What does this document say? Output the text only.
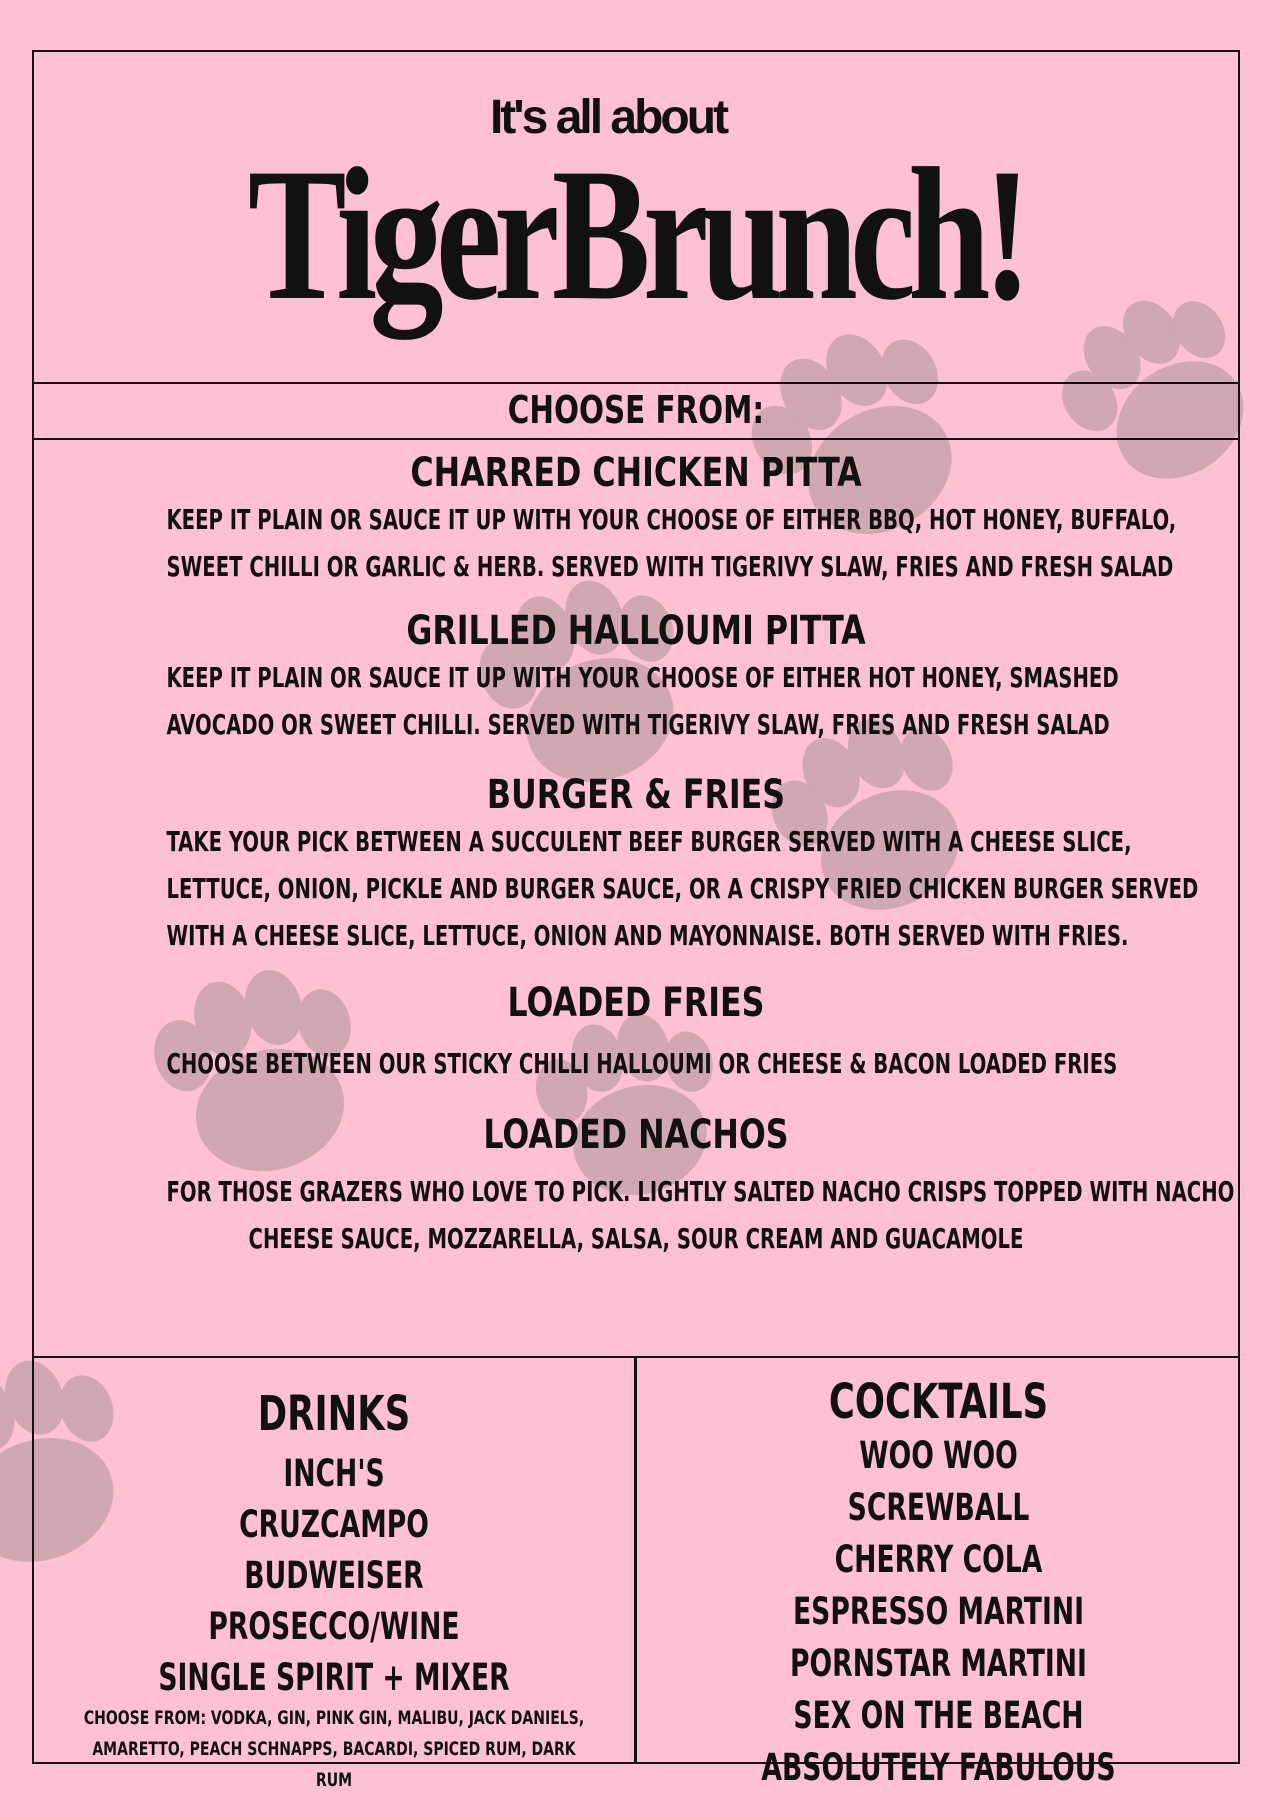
It's all about
TigerBrunch!
CHOOSE FROM:
CHARRED CHICKEN PITTA

KEEP IT PLAIN OR SAUCE IT UP WITH YOUR CHOOSE OF EITHER BBQ, HOT HONEY, BUFFALO,

SWEET CHILLI OR GARLIC & HERB. SERVED WITH TIGERIVY SLAW, FRIES AND FRESH SALAD

GRILLED HALLOUMI PITTA

KEEP IT PLAIN OR SAUCE IT UP WITH YOUR CHOOSE OF EITHER HOT HONEY, SMASHED

AVOCADO OR SWEET CHILLI. SERVED WITH TIGERIVY SLAW, FRIES AND FRESH SALAD

BURGER & FRIES

TAKE YOUR PICK BETWEEN A SUCCULENT BEEF BURGER SERVED WITH A CHEESE SLICE,

LETTUCE, ONION, PICKLE AND BURGER SAUCE, OR A CRISPY FRIED CHICKEN BURGER SERVED

WITH A CHEESE SLICE, LETTUCE, ONION AND MAYONNAISE. BOTH SERVED WITH FRIES.

LOADED FRIES

CHOOSE BETWEEN OUR STICKY CHILLI HALLOUMI OR CHEESE & BACON LOADED FRIES

LOADED NACHOS

FOR THOSE GRAZERS WHO LOVE TO PICK. LIGHTLY SALTED NACHO CRISPS TOPPED WITH NACHO

CHEESE SAUCE, MOZZARELLA, SALSA, SOUR CREAM AND GUACAMOLE

DRINKS
INCH'S
CRUZCAMPO
BUDWEISER
PROSECCO/WINE
SINGLE SPIRIT + MIXER
CHOOSE FROM: VODKA, GIN, PINK GIN, MALIBU, JACK DANIELS,
AMARETTO, PEACH SCHNAPPS, BACARDI, SPICED RUM, DARK
RUM
COCKTAILS
WOO WOO
SCREWBALL
CHERRY COLA
ESPRESSO MARTINI
PORNSTAR MARTINI
SEX ON THE BEACH
ABSOLUTELY FABULOUS
